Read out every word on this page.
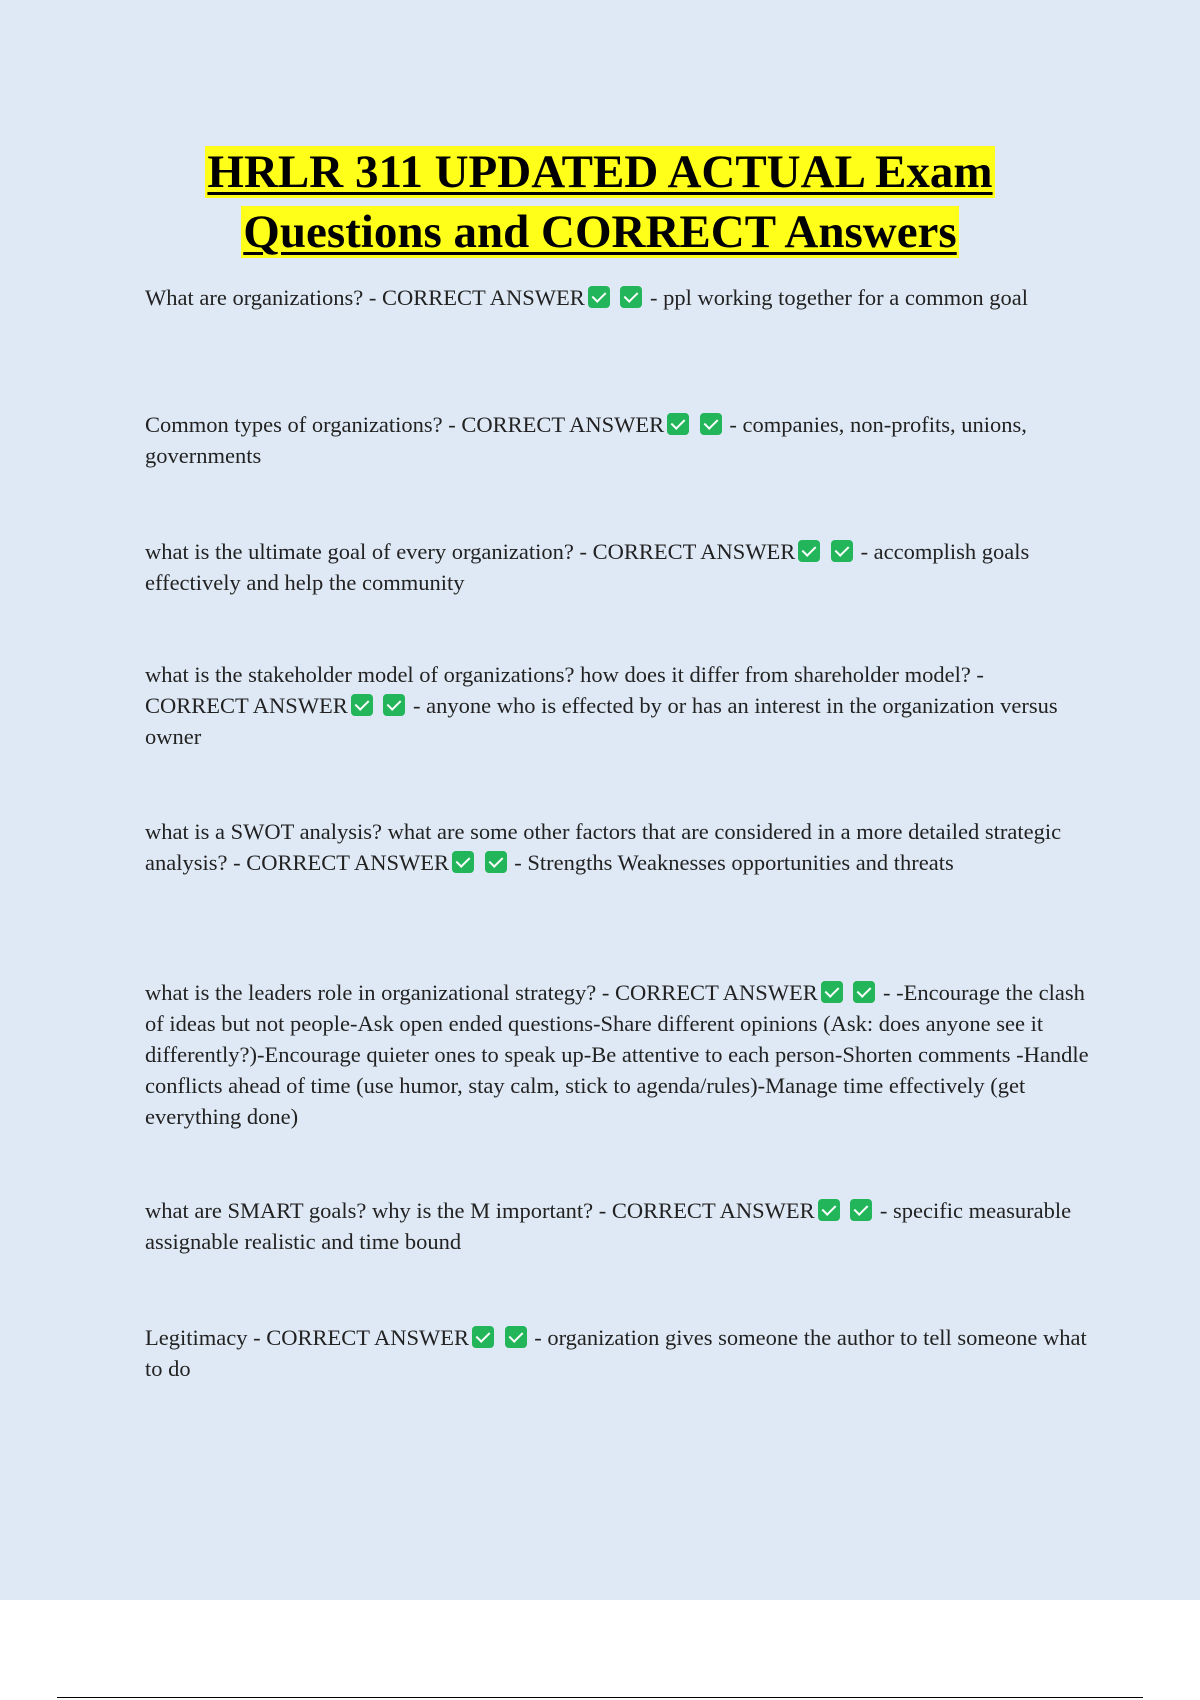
HRLR 311 UPDATED ACTUAL Exam
Questions and CORRECT Answers

What are organizations? - CORRECT ANSWER	- ppl working together for a common goal

Common types of organizations? - CORRECT ANSWER	- companies, non-profits, unions, governments

what is the ultimate goal of every organization? - CORRECT ANSWER	- accomplish goals effectively and help the community

what is the stakeholder model of organizations? how does it differ from shareholder model? - CORRECT ANSWER	- anyone who is effected by or has an interest in the organization versus owner

what is a SWOT analysis? what are some other factors that are considered in a more detailed strategic analysis? - CORRECT ANSWER	- Strengths Weaknesses opportunities and threats

what is the leaders role in organizational strategy? - CORRECT ANSWER	- -Encourage the clash of ideas but not people-Ask open ended questions-Share different opinions (Ask: does anyone see it differently?)-Encourage quieter ones to speak up-Be attentive to each person-Shorten comments -Handle conflicts ahead of time (use humor, stay calm, stick to agenda/rules)-Manage time effectively (get everything done)

what are SMART goals? why is the M important? - CORRECT ANSWER	- specific measurable assignable realistic and time bound

Legitimacy - CORRECT ANSWER	- organization gives someone the author to tell someone what to do
